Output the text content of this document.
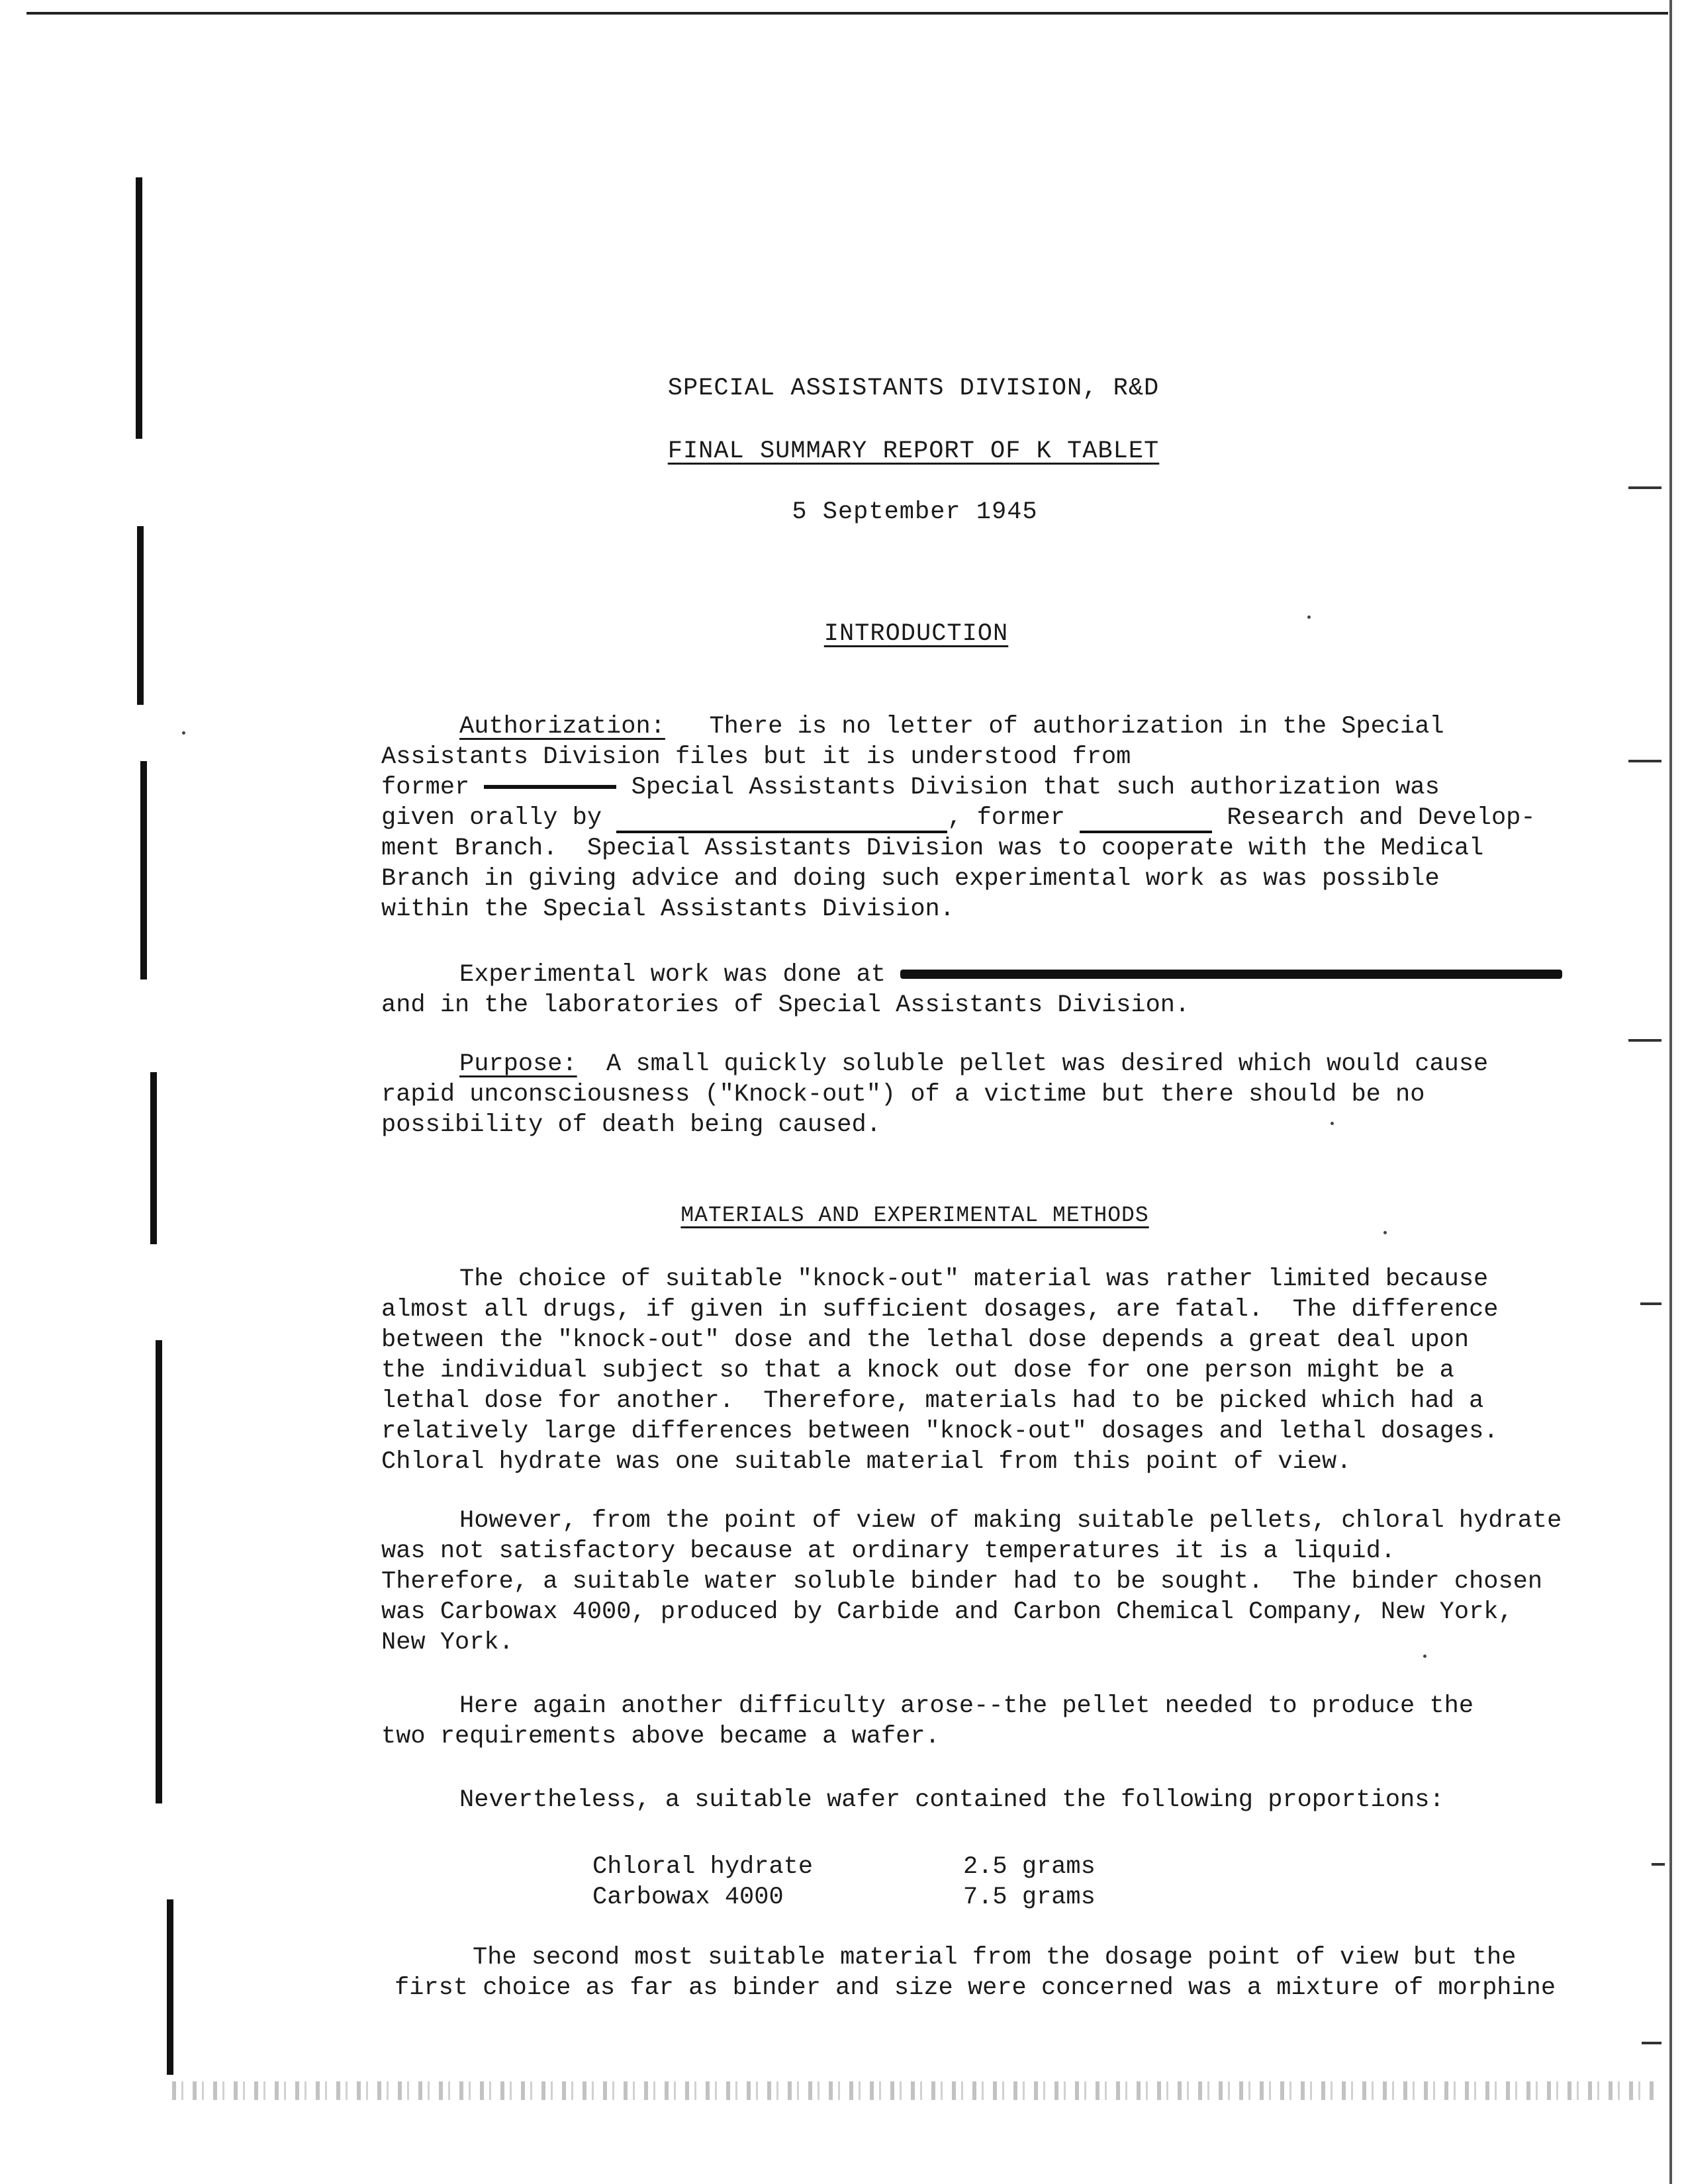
SPECIAL ASSISTANTS DIVISION, R&D
FINAL SUMMARY REPORT OF K TABLET
5 September 1945
INTRODUCTION
Authorization:   There is no letter of authorization in the Special
Assistants Division files but it is understood from
former	Special Assistants Division that such authorization was
given orally by	, former	Research and Develop-
ment Branch.  Special Assistants Division was to cooperate with the Medical
Branch in giving advice and doing such experimental work as was possible
within the Special Assistants Division.
Experimental work was done at
and in the laboratories of Special Assistants Division.
Purpose:  A small quickly soluble pellet was desired which would cause
rapid unconsciousness ("Knock-out") of a victime but there should be no
possibility of death being caused.
MATERIALS AND EXPERIMENTAL METHODS
The choice of suitable "knock-out" material was rather limited because
almost all drugs, if given in sufficient dosages, are fatal.  The difference
between the "knock-out" dose and the lethal dose depends a great deal upon
the individual subject so that a knock out dose for one person might be a
lethal dose for another.  Therefore, materials had to be picked which had a
relatively large differences between "knock-out" dosages and lethal dosages.
Chloral hydrate was one suitable material from this point of view.
However, from the point of view of making suitable pellets, chloral hydrate
was not satisfactory because at ordinary temperatures it is a liquid.
Therefore, a suitable water soluble binder had to be sought.  The binder chosen
was Carbowax 4000, produced by Carbide and Carbon Chemical Company, New York,
New York.
Here again another difficulty arose--the pellet needed to produce the
two requirements above became a wafer.
Nevertheless, a suitable wafer contained the following proportions:
Chloral hydrate	2.5 grams
Carbowax 4000	7.5 grams
The second most suitable material from the dosage point of view but the
first choice as far as binder and size were concerned was a mixture of morphine
